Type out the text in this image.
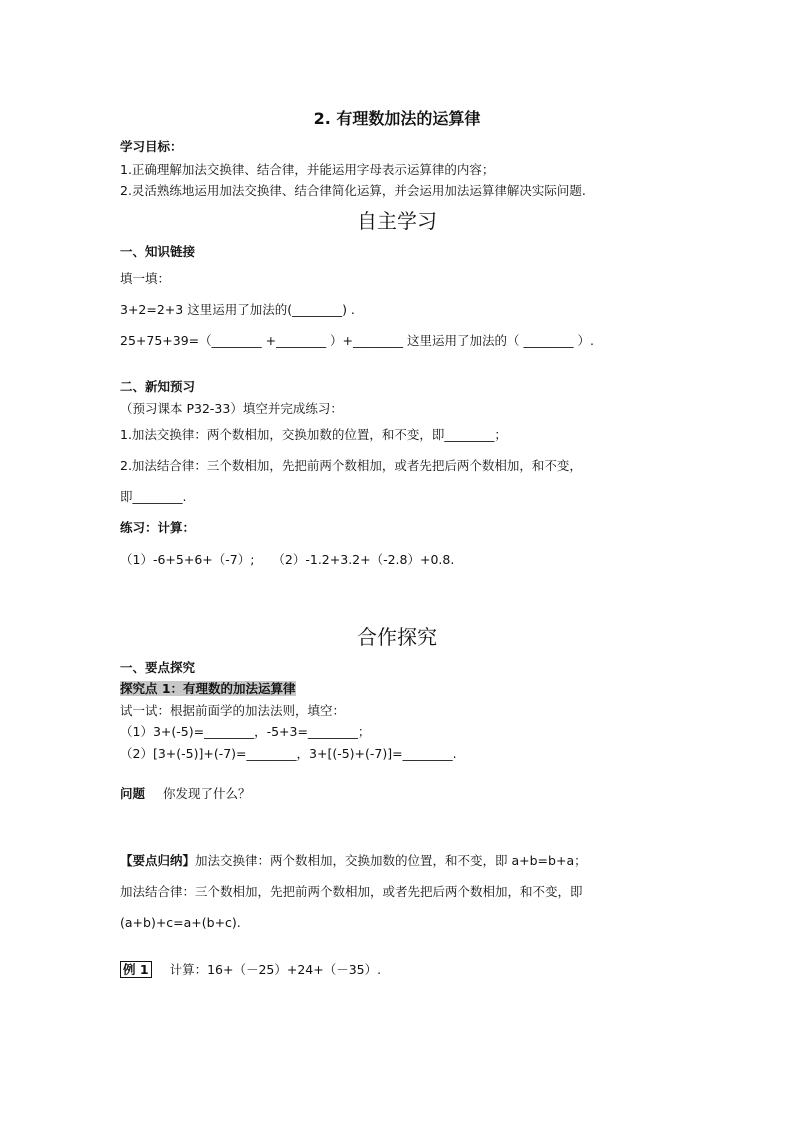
2. 有理数加法的运算律
学习目标：
1.正确理解加法交换律、结合律，并能运用字母表示运算律的内容；
2.灵活熟练地运用加法交换律、结合律简化运算，并会运用加法运算律解决实际问题.
自主学习
一、知识链接
填一填：
3+2=2+3 这里运用了加法的(________) .
25+75+39=（________ +________ ）+________ 这里运用了加法的（ ________ ）.
二、新知预习
（预习课本 P32-33）填空并完成练习：
1.加法交换律：两个数相加，交换加数的位置，和不变，即________；
2.加法结合律：三个数相加，先把前两个数相加，或者先把后两个数相加，和不变，
即________.
练习：计算：
（1）-6+5+6+（-7）; （2）-1.2+3.2+（-2.8）+0.8.
合作探究
一、要点探究
探究点 1：有理数的加法运算律
试一试：根据前面学的加法法则，填空：
（1）3+(-5)=________，-5+3=________；
（2）[3+(-5)]+(-7)=________，3+[(-5)+(-7)]=________.
问题 你发现了什么？
【要点归纳】加法交换律：两个数相加，交换加数的位置，和不变，即 a+b=b+a；
加法结合律：三个数相加，先把前两个数相加，或者先把后两个数相加，和不变，即
(a+b)+c=a+(b+c).
例 1 计算：16+（－25）+24+（－35）.
